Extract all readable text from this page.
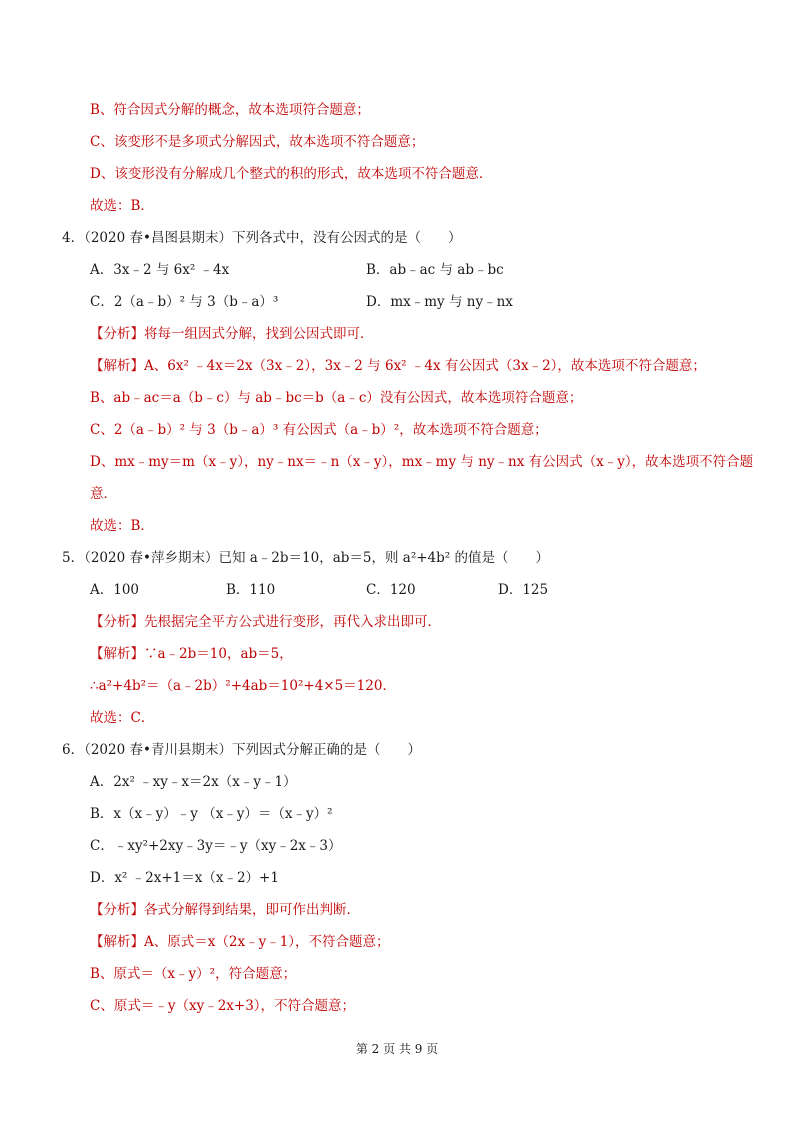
B、符合因式分解的概念，故本选项符合题意；
C、该变形不是多项式分解因式，故本选项不符合题意；
D、该变形没有分解成几个整式的积的形式，故本选项不符合题意．
故选：B．
4．（2020 春•昌图县期末）下列各式中，没有公因式的是（　　）
A．3x﹣2 与 6x² ﹣4x	B．ab﹣ac 与 ab﹣bc
C．2（a﹣b）² 与 3（b﹣a）³	D．mx﹣my 与 ny﹣nx
【分析】将每一组因式分解，找到公因式即可．
【解析】A、6x² ﹣4x＝2x（3x﹣2），3x﹣2 与 6x² ﹣4x 有公因式（3x﹣2），故本选项不符合题意；
B、ab﹣ac＝a（b﹣c）与 ab﹣bc＝b（a﹣c）没有公因式，故本选项符合题意；
C、2（a﹣b）² 与 3（b﹣a）³ 有公因式（a﹣b）²，故本选项不符合题意；
D、mx﹣my＝m（x﹣y），ny﹣nx＝﹣n（x﹣y），mx﹣my 与 ny﹣nx 有公因式（x﹣y），故本选项不符合题
意．
故选：B．
5．（2020 春•萍乡期末）已知 a﹣2b＝10，ab＝5，则 a²+4b² 的值是（　　）
A．100	B．110	C．120	D．125
【分析】先根据完全平方公式进行变形，再代入求出即可．
【解析】∵a﹣2b＝10，ab＝5，
∴a²+4b²＝（a﹣2b）²+4ab＝10²+4×5＝120．
故选：C．
6．（2020 春•青川县期末）下列因式分解正确的是（　　）
A．2x² ﹣xy﹣x＝2x（x﹣y﹣1）
B．x（x﹣y）﹣y （x﹣y）＝（x﹣y）²
C．﹣xy²+2xy﹣3y＝﹣y（xy﹣2x﹣3）
D．x² ﹣2x+1＝x（x﹣2）+1
【分析】各式分解得到结果，即可作出判断．
【解析】A、原式＝x（2x﹣y﹣1），不符合题意；
B、原式＝（x﹣y）²，符合题意；
C、原式＝﹣y（xy﹣2x+3），不符合题意；
第 2 页 共 9 页
